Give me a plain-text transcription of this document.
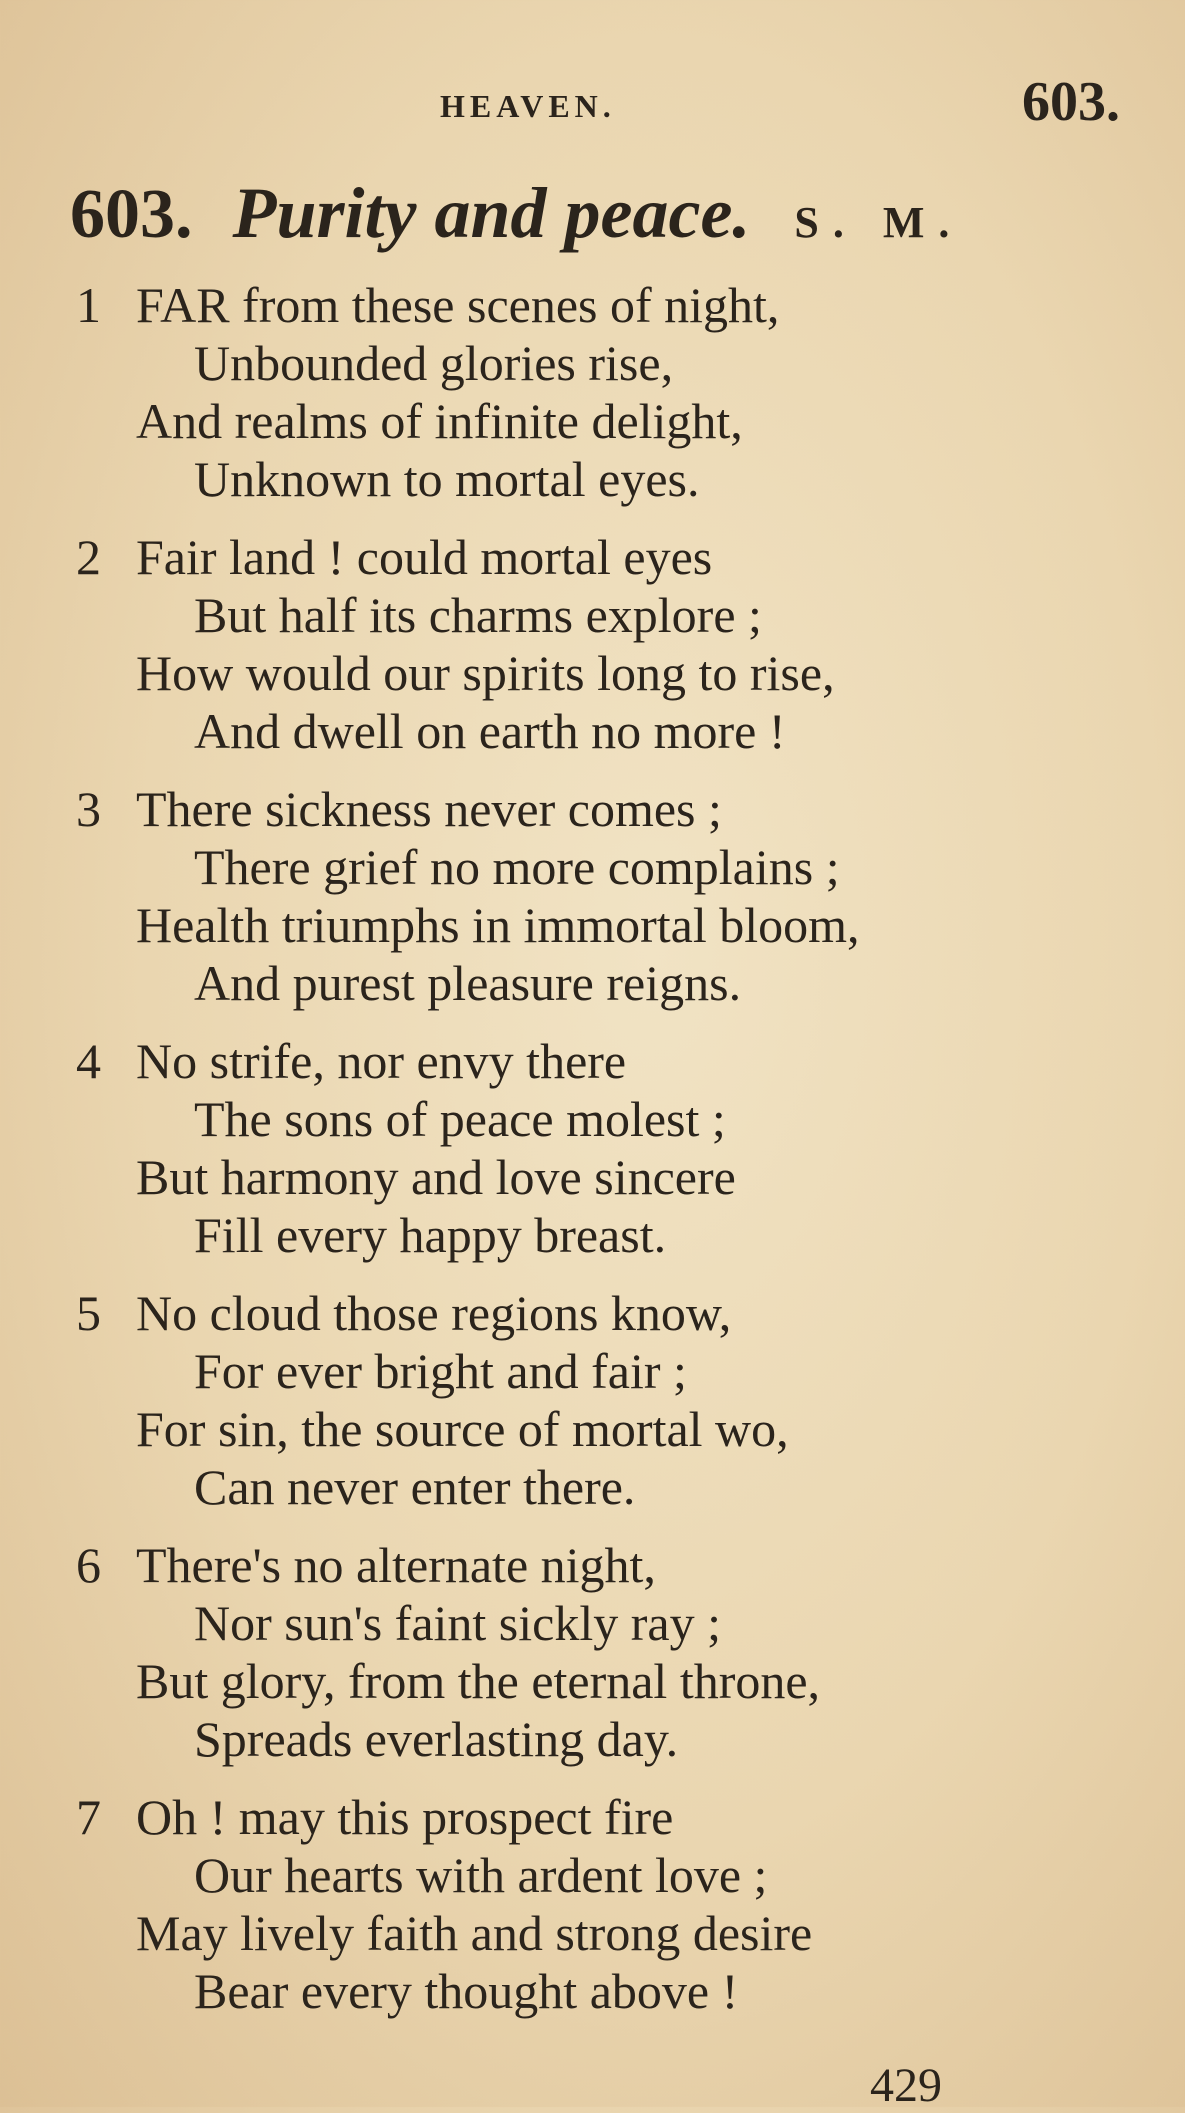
HEAVEN.	603.
603. Purity and peace. S. M.
1 FAR from these scenes of night,
Unbounded glories rise,
And realms of infinite delight,
Unknown to mortal eyes.
2 Fair land ! could mortal eyes
But half its charms explore ;
How would our spirits long to rise,
And dwell on earth no more !
3 There sickness never comes ;
There grief no more complains ;
Health triumphs in immortal bloom,
And purest pleasure reigns.
4 No strife, nor envy there
The sons of peace molest ;
But harmony and love sincere
Fill every happy breast.
5 No cloud those regions know,
For ever bright and fair ;
For sin, the source of mortal wo,
Can never enter there.
6 There's no alternate night,
Nor sun's faint sickly ray ;
But glory, from the eternal throne,
Spreads everlasting day.
7 Oh ! may this prospect fire
Our hearts with ardent love ;
May lively faith and strong desire
Bear every thought above !
429
